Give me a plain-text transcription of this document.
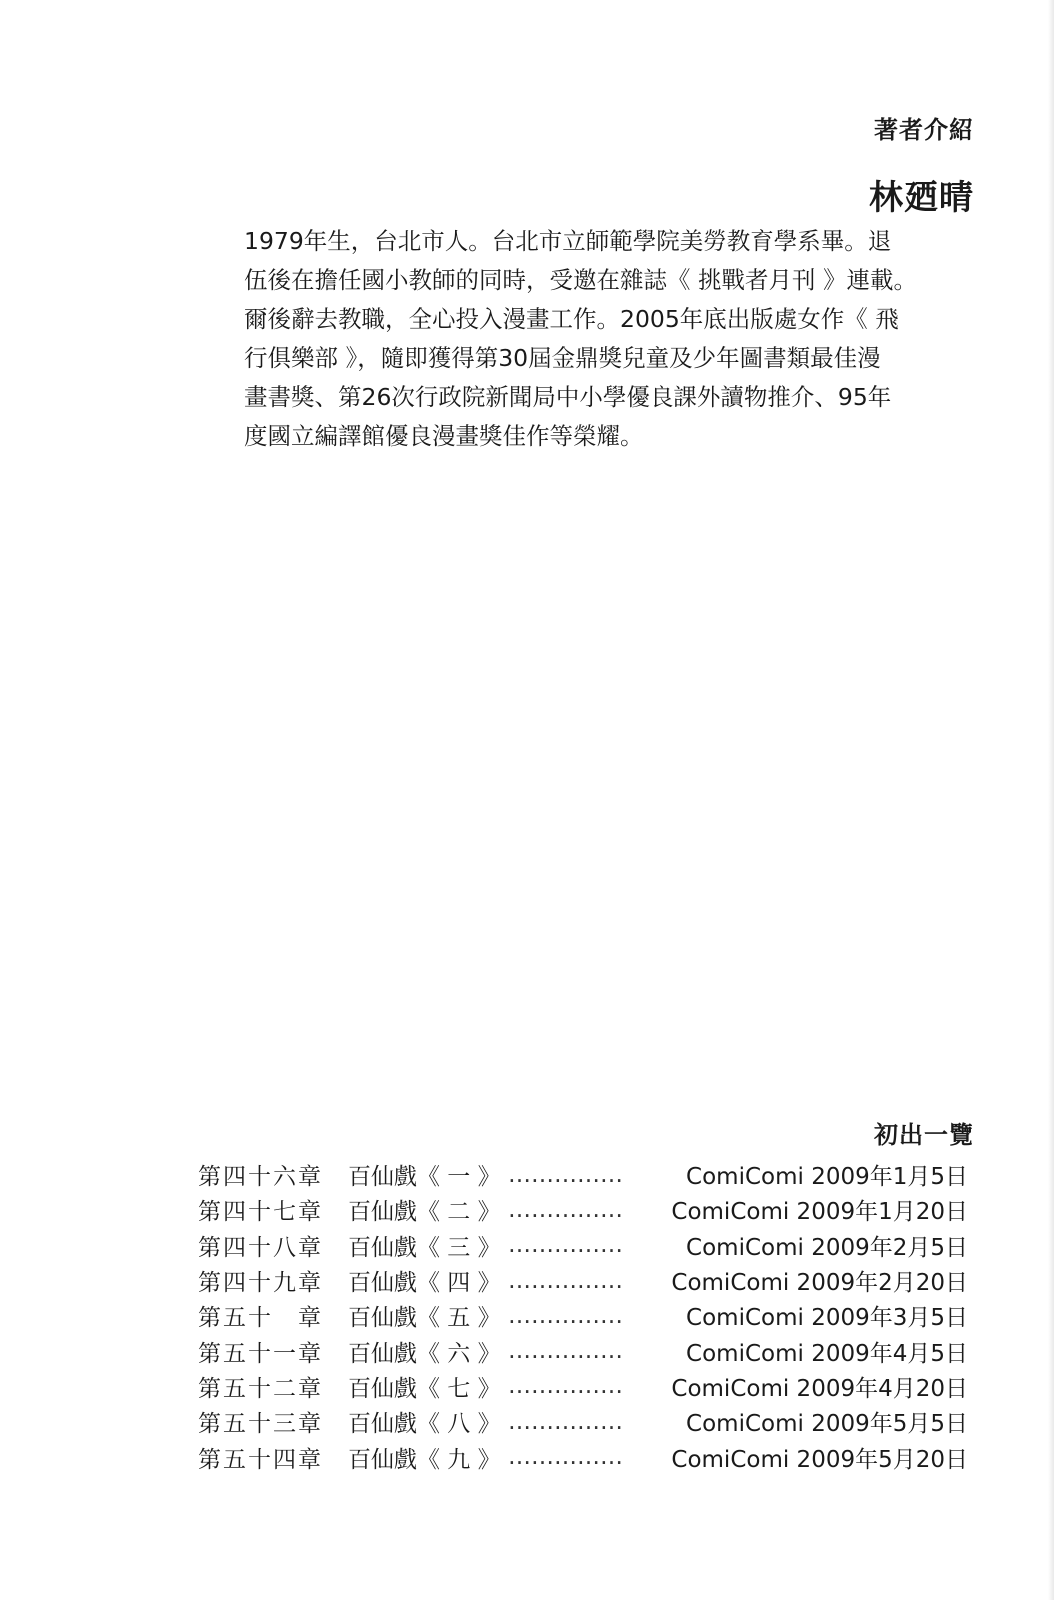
著者介紹
林廼晴

1979年生，台北市人。台北市立師範學院美勞教育學系畢。退
伍後在擔任國小教師的同時，受邀在雜誌《 挑戰者月刊 》連載。
爾後辭去教職，全心投入漫畫工作。2005年底出版處女作《 飛
行俱樂部 》，隨即獲得第30屆金鼎獎兒童及少年圖書類最佳漫
畫書獎、第26次行政院新聞局中小學優良課外讀物推介、95年
度國立編譯館優良漫畫獎佳作等榮耀。

初出一覽
第四十六章	百仙戲《 一 》 ……………	ComiComi 2009年1月5日
第四十七章	百仙戲《 二 》 ……………	ComiComi 2009年1月20日
第四十八章	百仙戲《 三 》 ……………	ComiComi 2009年2月5日
第四十九章	百仙戲《 四 》 ……………	ComiComi 2009年2月20日
第五十　章	百仙戲《 五 》 ……………	ComiComi 2009年3月5日
第五十一章	百仙戲《 六 》 ……………	ComiComi 2009年4月5日
第五十二章	百仙戲《 七 》 ……………	ComiComi 2009年4月20日
第五十三章	百仙戲《 八 》 ……………	ComiComi 2009年5月5日
第五十四章	百仙戲《 九 》 ……………	ComiComi 2009年5月20日
